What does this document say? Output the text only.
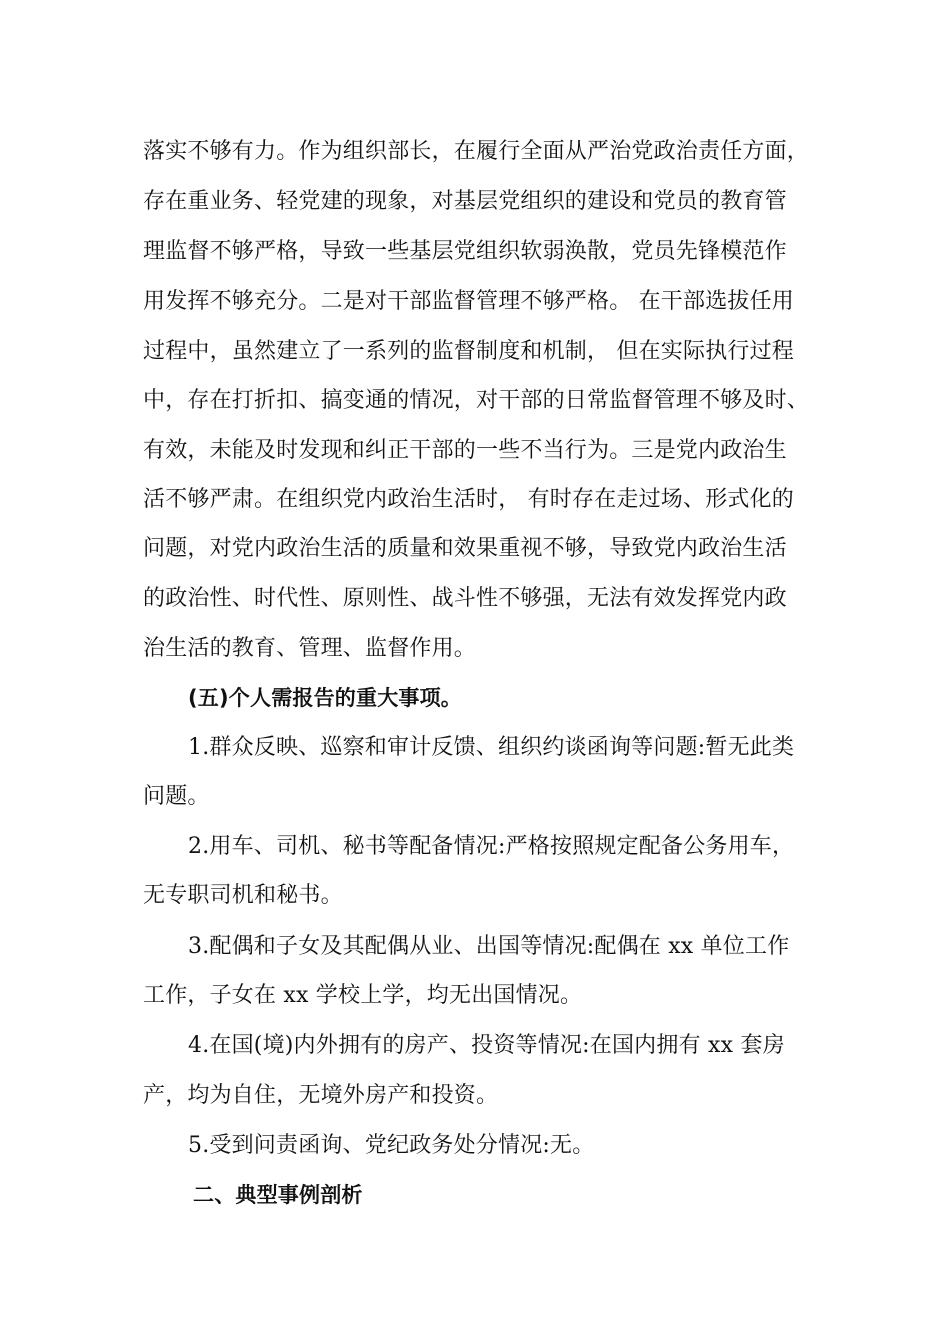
落实不够有力。作为组织部长，在履行全面从严治党政治责任方面，
存在重业务、轻党建的现象，对基层党组织的建设和党员的教育管
理监督不够严格，导致一些基层党组织软弱涣散，党员先锋模范作
用发挥不够充分。二是对干部监督管理不够严格。 在干部选拔任用
过程中，虽然建立了一系列的监督制度和机制， 但在实际执行过程
中，存在打折扣、搞变通的情况，对干部的日常监督管理不够及时、
有效，未能及时发现和纠正干部的一些不当行为。三是党内政治生
活不够严肃。在组织党内政治生活时， 有时存在走过场、形式化的
问题，对党内政治生活的质量和效果重视不够，导致党内政治生活
的政治性、时代性、原则性、战斗性不够强，无法有效发挥党内政
治生活的教育、管理、监督作用。
(五)个人需报告的重大事项。
1.群众反映、巡察和审计反馈、组织约谈函询等问题:暂无此类
问题。
2.用车、司机、秘书等配备情况:严格按照规定配备公务用车，
无专职司机和秘书。
3.配偶和子女及其配偶从业、出国等情况:配偶在 xx 单位工作
工作，子女在 xx 学校上学，均无出国情况。
4.在国(境)内外拥有的房产、投资等情况:在国内拥有 xx 套房
产，均为自住，无境外房产和投资。
5.受到问责函询、党纪政务处分情况:无。
二、典型事例剖析
